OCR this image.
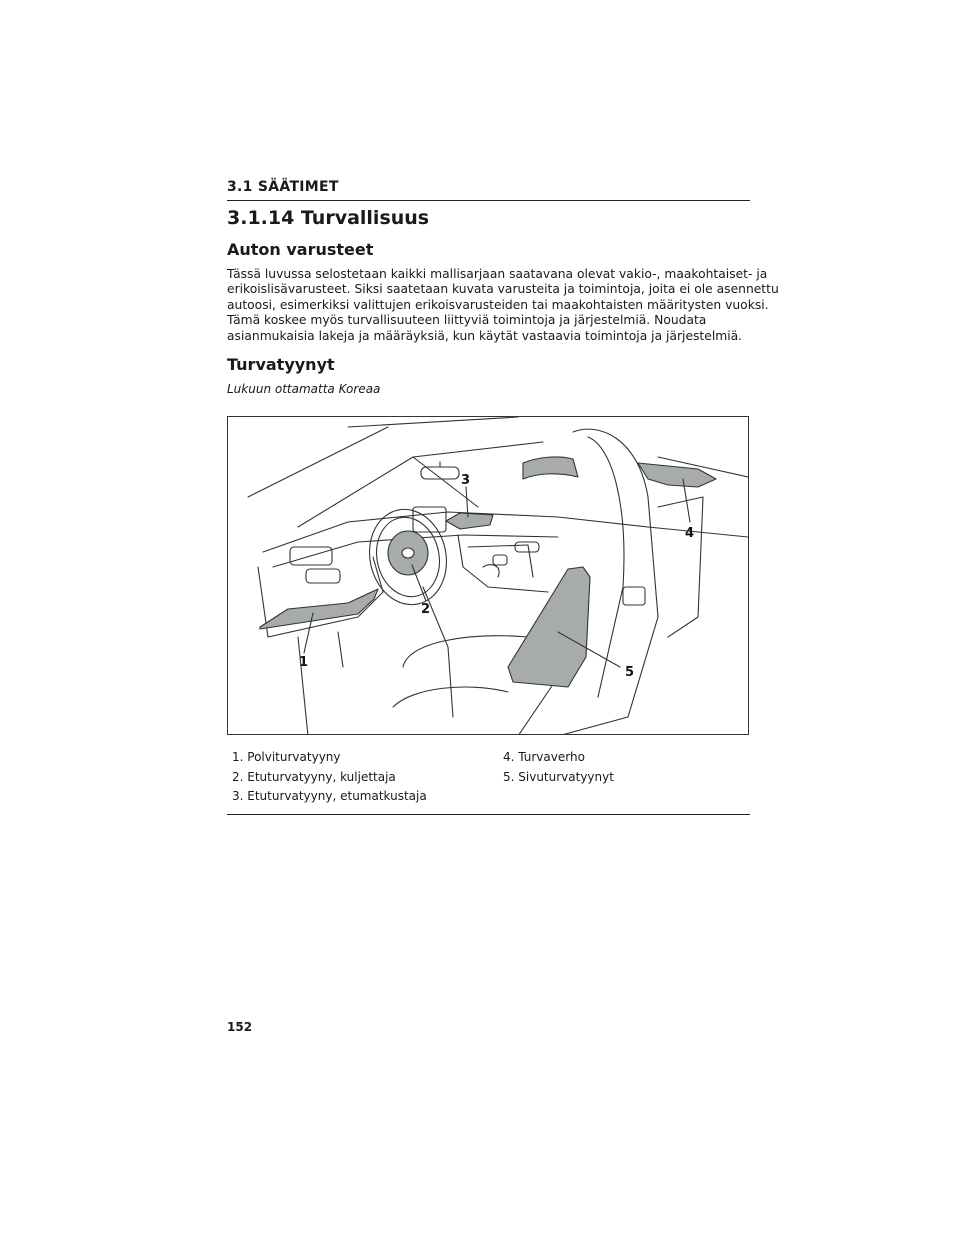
3.1 SÄÄTIMET
3.1.14 Turvallisuus
Auton varusteet

Tässä luvussa selostetaan kaikki mallisarjaan saatavana olevat vakio-, maakohtaiset- ja
erikoislisävarusteet. Siksi saatetaan kuvata varusteita ja toimintoja, joita ei ole asennettu
autoosi, esimerkiksi valittujen erikoisvarusteiden tai maakohtaisten määritysten vuoksi.
Tämä koskee myös turvallisuuteen liittyviä toimintoja ja järjestelmiä. Noudata
asianmukaisia lakeja ja määräyksiä, kun käytät vastaavia toimintoja ja järjestelmiä.

Turvatyynyt

Lukuun ottamatta Koreaa

1
2
3
4
5
1. Polviturvatyyny
2. Etuturvatyyny, kuljettaja
3. Etuturvatyyny, etumatkustaja
4. Turvaverho
5. Sivuturvatyynyt
152
